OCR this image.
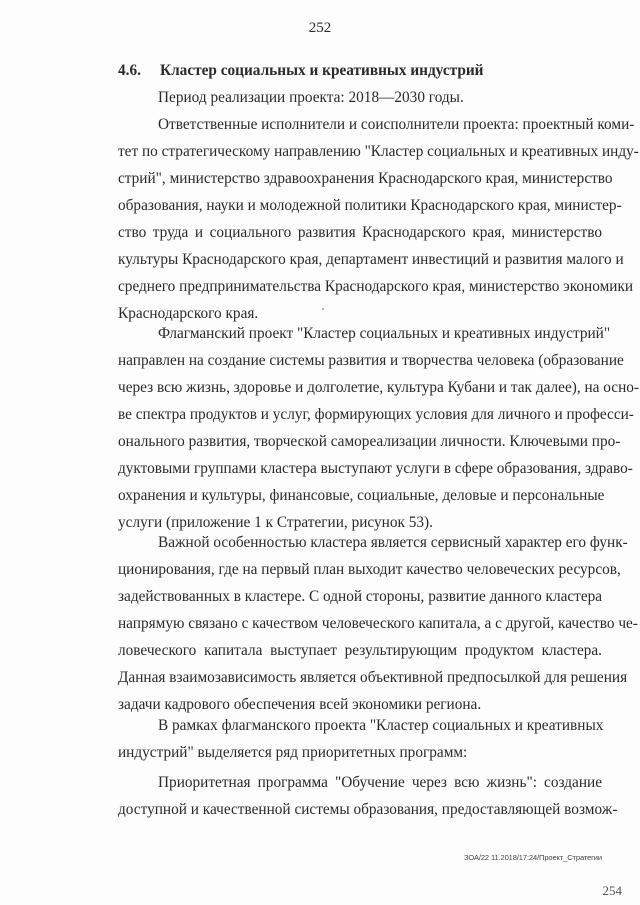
252
4.6. Кластер социальных и креативных индустрий
Период реализации проекта: 2018—2030 годы.
Ответственные исполнители и соисполнители проекта: проектный коми-
тет по стратегическому направлению "Кластер социальных и креативных инду-
стрий", министерство здравоохранения Краснодарского края, министерство
образования, науки и молодежной политики Краснодарского края, министер-
ство труда и социального развития Краснодарского края, министерство
культуры Краснодарского края, департамент инвестиций и развития малого и
среднего предпринимательства Краснодарского края, министерство экономики
Краснодарского края.
Флагманский проект "Кластер социальных и креативных индустрий"
направлен на создание системы развития и творчества человека (образование
через всю жизнь, здоровье и долголетие, культура Кубани и так далее), на осно-
ве спектра продуктов и услуг, формирующих условия для личного и професси-
онального развития, творческой самореализации личности. Ключевыми про-
дуктовыми группами кластера выступают услуги в сфере образования, здраво-
охранения и культуры, финансовые, социальные, деловые и персональные
услуги (приложение 1 к Стратегии, рисунок 53).
Важной особенностью кластера является сервисный характер его функ-
ционирования, где на первый план выходит качество человеческих ресурсов,
задействованных в кластере. С одной стороны, развитие данного кластера
напрямую связано с качеством человеческого капитала, а с другой, качество че-
ловеческого капитала выступает результирующим продуктом кластера.
Данная взаимозависимость является объективной предпосылкой для решения
задачи кадрового обеспечения всей экономики региона.
В рамках флагманского проекта "Кластер социальных и креативных
индустрий" выделяется ряд приоритетных программ:
Приоритетная программа "Обучение через всю жизнь": создание
доступной и качественной системы образования, предоставляющей возмож-
ЗОА/22 11.2018/17:24/Проект_Стратегии
254
